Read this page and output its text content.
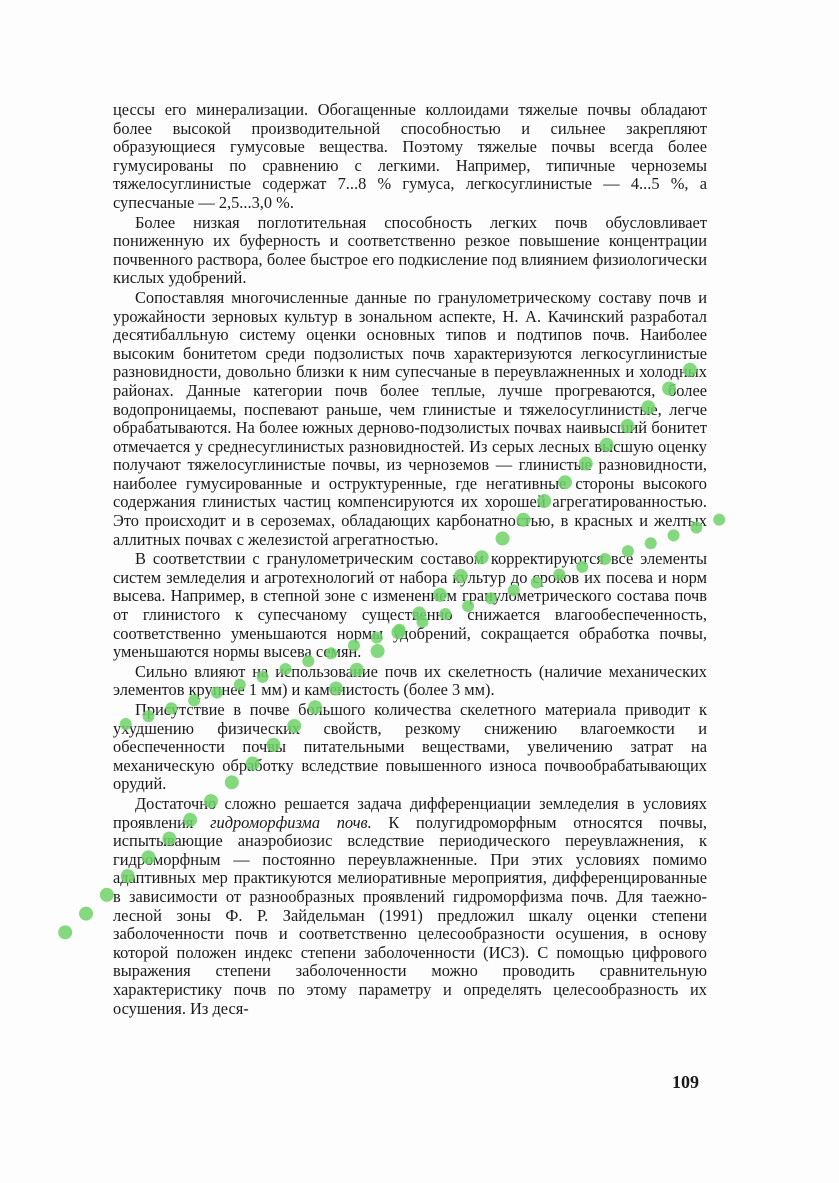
цессы его минерализации. Обогащенные коллоидами тяжелые почвы обладают более высокой производительной способностью и сильнее закрепляют образующиеся гумусовые вещества. Поэтому тяжелые почвы всегда более гумусированы по сравнению с легкими. Например, типичные черноземы тяжелосуглинистые содержат 7...8 % гумуса, легкосуглинистые — 4...5 %, а супесчаные — 2,5...3,0 %.

Более низкая поглотительная способность легких почв обусловливает пониженную их буферность и соответственно резкое повышение концентрации почвенного раствора, более быстрое его подкисление под влиянием физиологически кислых удобрений.

Сопоставляя многочисленные данные по гранулометрическому составу почв и урожайности зерновых культур в зональном аспекте, Н. А. Качинский разработал десятибалльную систему оценки основных типов и подтипов почв. Наиболее высоким бонитетом среди подзолистых почв характеризуются легкосуглинистые разновидности, довольно близки к ним супесчаные в переувлажненных и холодных районах. Данные категории почв более теплые, лучше прогреваются, более водопроницаемы, поспевают раньше, чем глинистые и тяжелосуглинистые, легче обрабатываются. На более южных дерново-подзолистых почвах наивысший бонитет отмечается у среднесуглинистых разновидностей. Из серых лесных высшую оценку получают тяжелосуглинистые почвы, из черноземов — глинистые разновидности, наиболее гумусированные и оструктуренные, где негативные стороны высокого содержания глинистых частиц компенсируются их хорошей агрегатированностью. Это происходит и в сероземах, обладающих карбонатностью, в красных и желтых аллитных почвах с железистой агрегатностью.

В соответствии с гранулометрическим составом корректируются все элементы систем земледелия и агротехнологий от набора культур до сроков их посева и норм высева. Например, в степной зоне с изменением гранулометрического состава почв от глинистого к супесчаному существенно снижается влагообеспеченность, соответственно уменьшаются нормы удобрений, сокращается обработка почвы, уменьшаются нормы высева семян.

Сильно влияют на использование почв их скелетность (наличие механических элементов крупнее 1 мм) и каменистость (более 3 мм).

Присутствие в почве большого количества скелетного материала приводит к ухудшению физических свойств, резкому снижению влагоемкости и обеспеченности почвы питательными веществами, увеличению затрат на механическую обработку вследствие повышенного износа почвообрабатывающих орудий.

Достаточно сложно решается задача дифференциации земледелия в условиях проявления гидроморфизма почв. К полугидроморфным относятся почвы, испытывающие анаэробиозис вследствие периодического переувлажнения, к гидроморфным — постоянно переувлажненные. При этих условиях помимо адаптивных мер практикуются мелиоративные мероприятия, дифференцированные в зависимости от разнообразных проявлений гидроморфизма почв. Для таежно-лесной зоны Ф. Р. Зайдельман (1991) предложил шкалу оценки степени заболоченности почв и соответственно целесообразности осушения, в основу которой положен индекс степени заболоченности (ИСЗ). С помощью цифрового выражения степени заболоченности можно проводить сравнительную характеристику почв по этому параметру и определять целесообразность их осушения. Из деся-

109
